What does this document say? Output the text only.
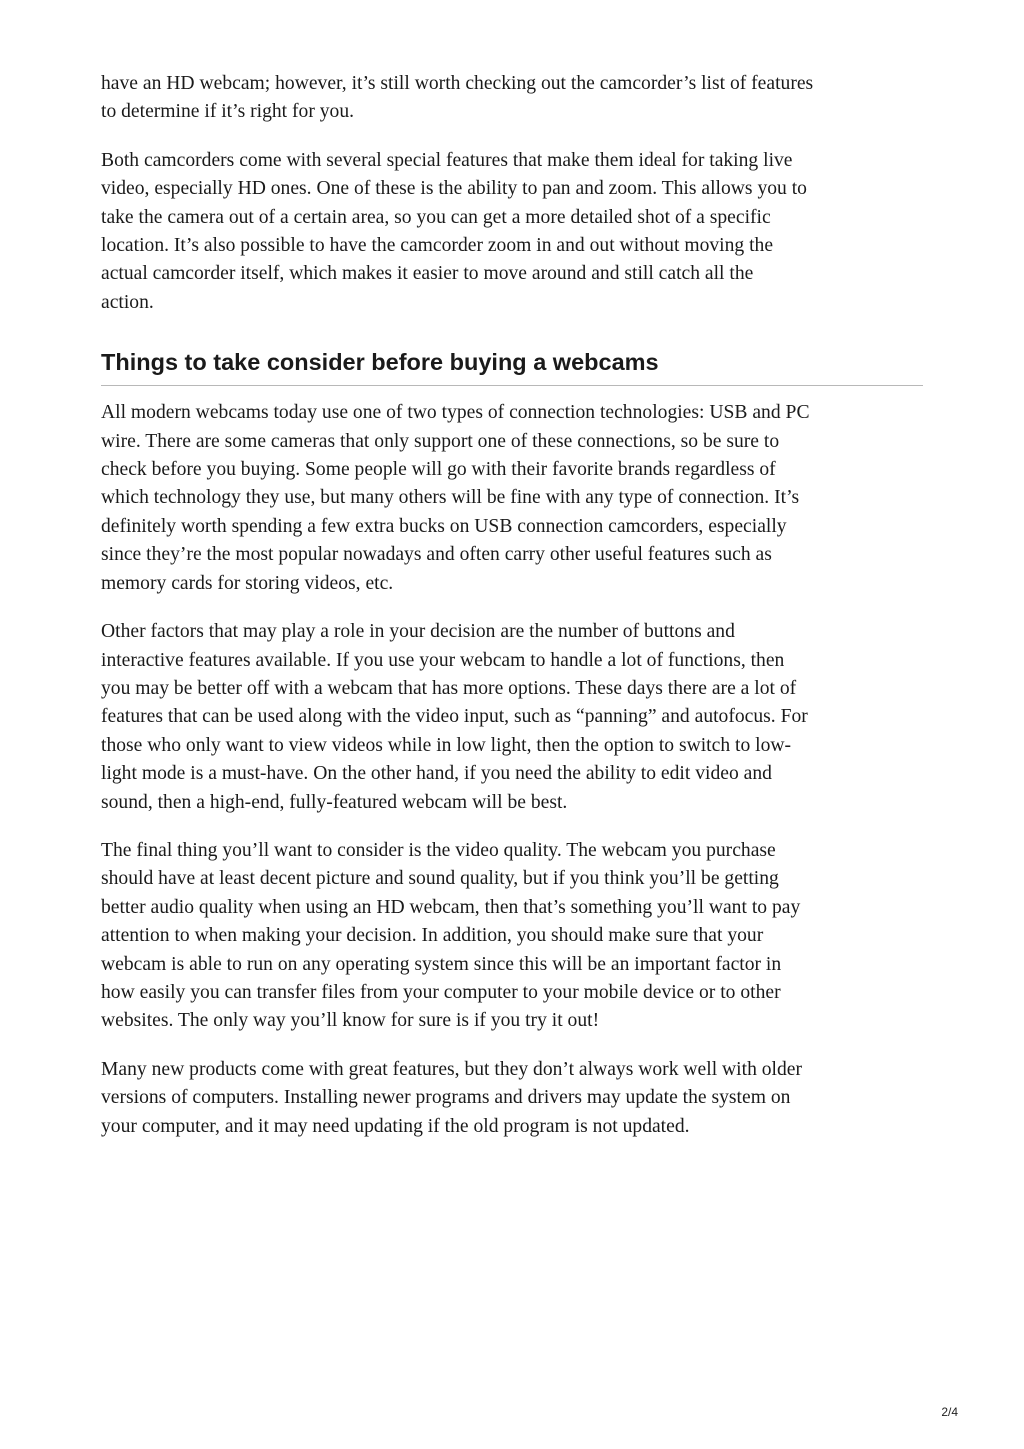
have an HD webcam; however, it’s still worth checking out the camcorder’s list of features
to determine if it’s right for you.

Both camcorders come with several special features that make them ideal for taking live
video, especially HD ones. One of these is the ability to pan and zoom. This allows you to
take the camera out of a certain area, so you can get a more detailed shot of a specific
location. It’s also possible to have the camcorder zoom in and out without moving the
actual camcorder itself, which makes it easier to move around and still catch all the
action.

Things to take consider before buying a webcams

All modern webcams today use one of two types of connection technologies: USB and PC
wire. There are some cameras that only support one of these connections, so be sure to
check before you buying. Some people will go with their favorite brands regardless of
which technology they use, but many others will be fine with any type of connection. It’s
definitely worth spending a few extra bucks on USB connection camcorders, especially
since they’re the most popular nowadays and often carry other useful features such as
memory cards for storing videos, etc.

Other factors that may play a role in your decision are the number of buttons and
interactive features available. If you use your webcam to handle a lot of functions, then
you may be better off with a webcam that has more options. These days there are a lot of
features that can be used along with the video input, such as “panning” and autofocus. For
those who only want to view videos while in low light, then the option to switch to low-
light mode is a must-have. On the other hand, if you need the ability to edit video and
sound, then a high-end, fully-featured webcam will be best.

The final thing you’ll want to consider is the video quality. The webcam you purchase
should have at least decent picture and sound quality, but if you think you’ll be getting
better audio quality when using an HD webcam, then that’s something you’ll want to pay
attention to when making your decision. In addition, you should make sure that your
webcam is able to run on any operating system since this will be an important factor in
how easily you can transfer files from your computer to your mobile device or to other
websites. The only way you’ll know for sure is if you try it out!

Many new products come with great features, but they don’t always work well with older
versions of computers. Installing newer programs and drivers may update the system on
your computer, and it may need updating if the old program is not updated.

2/4
